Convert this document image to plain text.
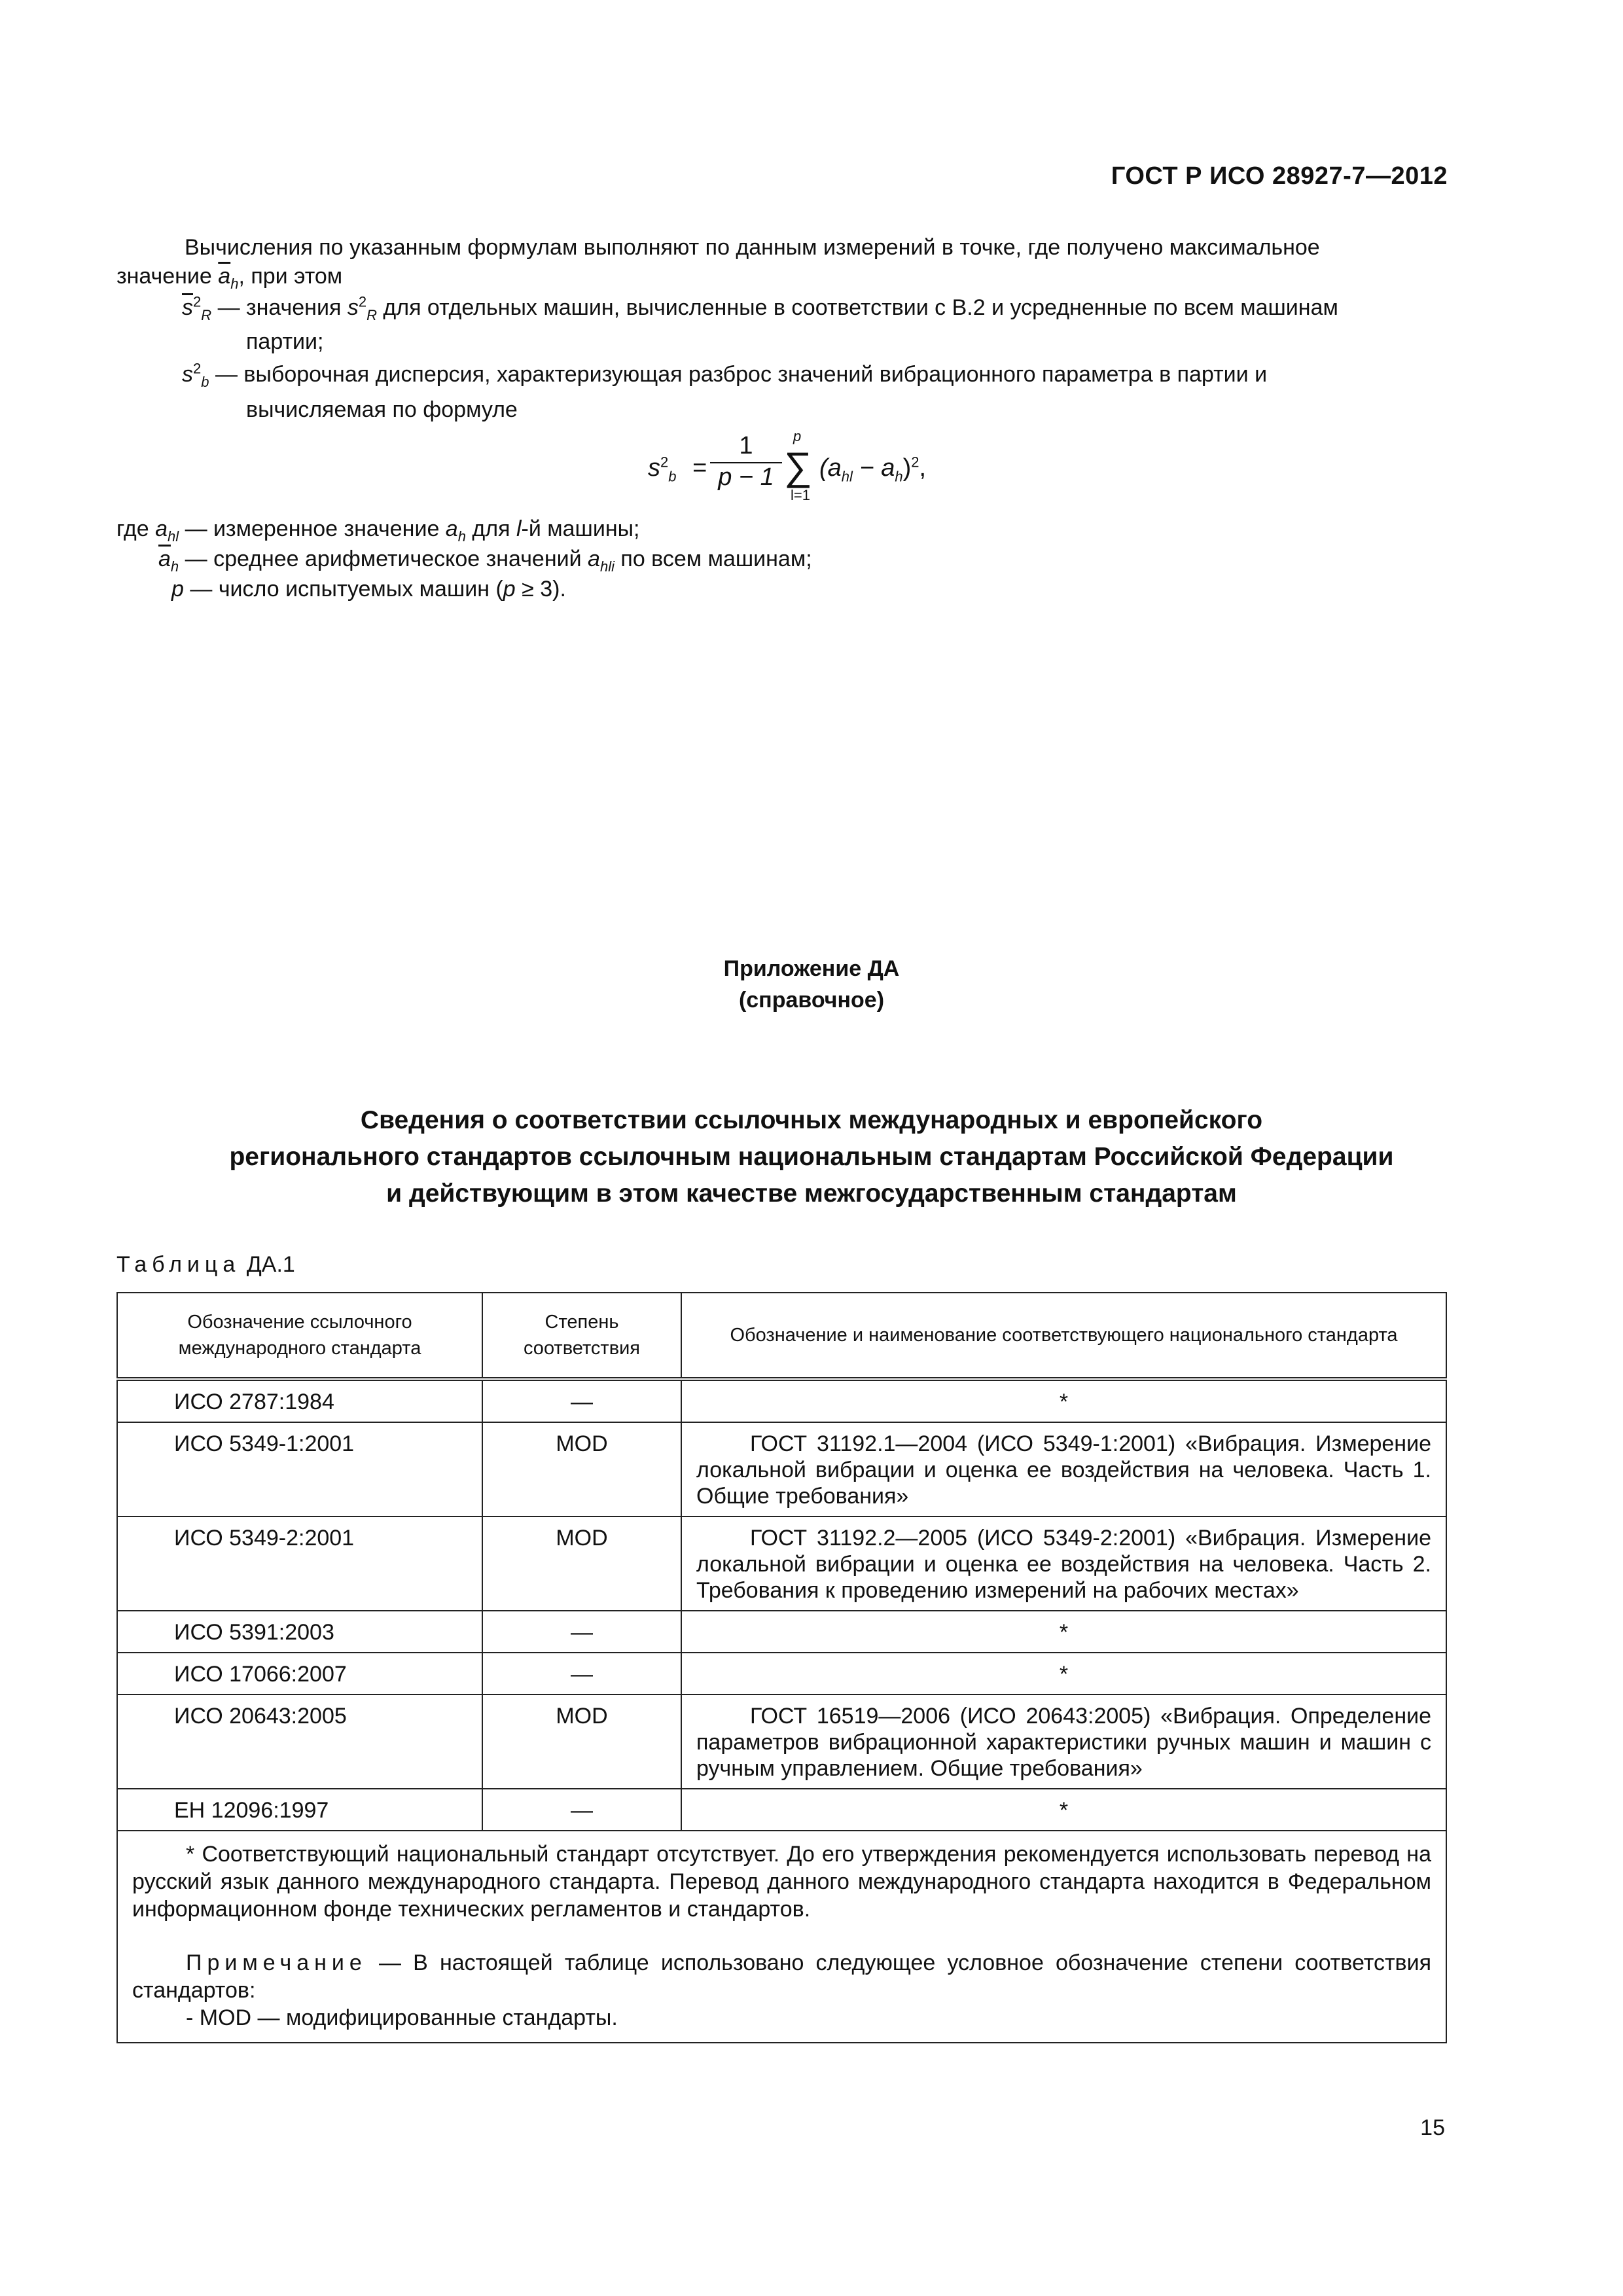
ГОСТ Р ИСО 28927-7—2012
Вычисления по указанным формулам выполняют по данным измерений в точке, где получено максимальное
значение $\overline{a}_h$, при этом
$\overline{s}^2_R$ — значения $s^2_R$ для отдельных машин, вычисленные в соответствии с В.2 и усредненные по всем машинам
партии;
$s^2_b$ — выборочная дисперсия, характеризующая разброс значений вибрационного параметра в партии и
вычисляемая по формуле
$s^2_b = \frac{1}{p - 1}$ p
∑
l=1
$(a_{hl} - a_h)^2$,
где $a_{hl}$ — измеренное значение $a_h$ для l-й машины;
$\overline{a}_h$ — среднее арифметическое значений $a_{hli}$ по всем машинам;
p — число испытуемых машин (p ≥ 3).
Приложение ДА
(справочное)
Сведения о соответствии ссылочных международных и европейского
регионального стандартов ссылочным национальным стандартам Российской Федерации
и действующим в этом качестве межгосударственным стандартам
Таблица ДА.1
Обозначение ссылочного международного стандарта	Степень соответствия	Обозначение и наименование соответствующего национального стандарта
ИСО 2787:1984	—	*
ИСО 5349-1:2001	MOD	ГОСТ 31192.1—2004 (ИСО 5349-1:2001) «Вибрация. Измерение локальной вибрации и оценка ее воздействия на человека. Часть 1. Общие требования»
ИСО 5349-2:2001	MOD	ГОСТ 31192.2—2005 (ИСО 5349-2:2001) «Вибрация. Измерение локальной вибрации и оценка ее воздействия на человека. Часть 2. Требования к проведению измерений на рабочих местах»
ИСО 5391:2003	—	*
ИСО 17066:2007	—	*
ИСО 20643:2005	MOD	ГОСТ 16519—2006 (ИСО 20643:2005) «Вибрация. Определение параметров вибрационной характеристики ручных машин и машин с ручным управлением. Общие требования»
ЕН 12096:1997	—	*

* Соответствующий национальный стандарт отсутствует. До его утверждения рекомендуется использовать перевод на русский язык данного международного стандарта. Перевод данного международного стандарта находится в Федеральном информационном фонде технических регламентов и стандартов.
Примечание — В настоящей таблице использовано следующее условное обозначение степени соответствия стандартов:
- MOD — модифицированные стандарты.		
15
